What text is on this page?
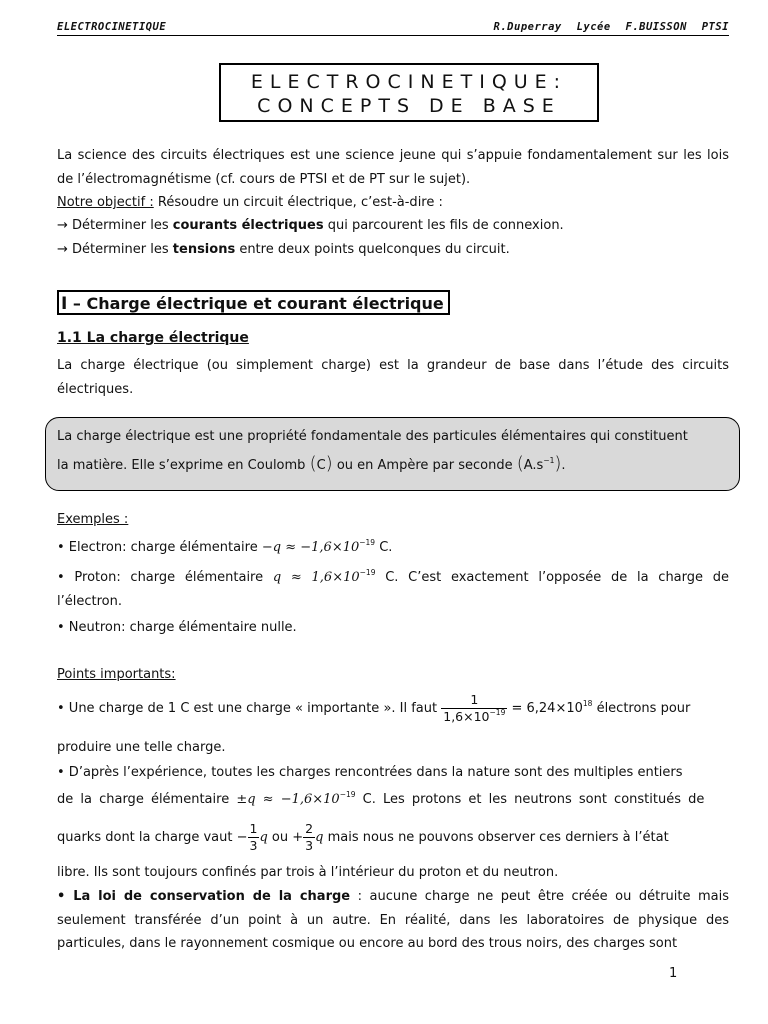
ELECTROCINETIQUE	R.Duperray Lycée F.BUISSON PTSI
ELECTROCINETIQUE:
CONCEPTS DE BASE
La science des circuits électriques est une science jeune qui s’appuie fondamentalement sur les lois de l’électromagnétisme (cf. cours de PTSI et de PT sur le sujet).
Notre objectif : Résoudre un circuit électrique, c’est-à-dire :
→ Déterminer les courants électriques qui parcourent les fils de connexion.
→ Déterminer les tensions entre deux points quelconques du circuit.
I – Charge électrique et courant électrique
1.1 La charge électrique
La charge électrique (ou simplement charge) est la grandeur de base dans l’étude des circuits électriques.
La charge électrique est une propriété fondamentale des particules élémentaires qui constituent
la matière. Elle s’exprime en Coulomb (C) ou en Ampère par seconde $(A.s^{-1})$.
Exemples :
• Electron: charge élémentaire $-q \approx -1,6\times 10^{-19}$ C.
• Proton: charge élémentaire $q \approx 1,6\times 10^{-19}$ C. C’est exactement l’opposée de la charge de l’électron.
• Neutron: charge élémentaire nulle.
Points importants:
• Une charge de 1 C est une charge « importante ». Il faut $\frac{1}{1,6\times 10^{-19}} = 6,24\times 10^{18}$ électrons pour
produire une telle charge.
• D’après l’expérience, toutes les charges rencontrées dans la nature sont des multiples entiers
de la charge élémentaire $\pm q \approx -1,6\times 10^{-19}$ C. Les protons et les neutrons sont constitués de
quarks dont la charge vaut − $\frac{1}{3}$ q ou + $\frac{2}{3}$ q mais nous ne pouvons observer ces derniers à l’état
libre. Ils sont toujours confinés par trois à l’intérieur du proton et du neutron.
• La loi de conservation de la charge : aucune charge ne peut être créée ou détruite mais seulement transférée d’un point à un autre. En réalité, dans les laboratoires de physique des particules, dans le rayonnement cosmique ou encore au bord des trous noirs, des charges sont
1
